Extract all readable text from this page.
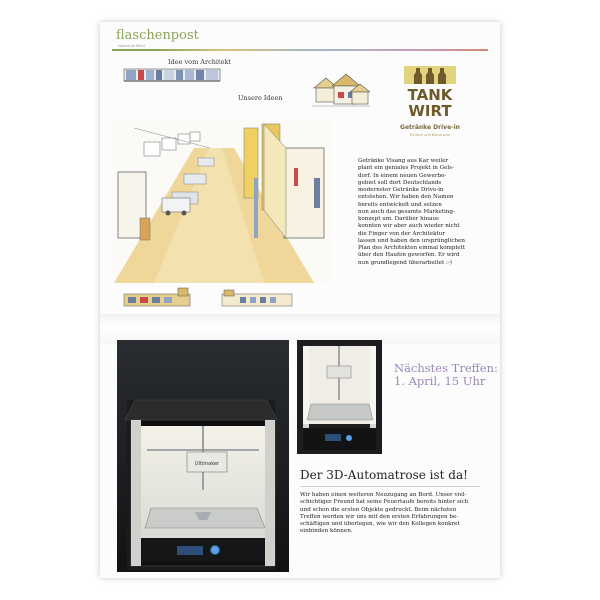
flaschenpost
Neues an Bord
Idee vom Architekt
Unsere Ideen	TANK
WIRT
Getränke Drive-in
Einfach und Klima sein

Getränke Visang aus Kar weiler
plant ein geniales Projekt in Gels-
dorf. In einem neuen Gewerbe-
gebiet soll dort Deutschlands
modernster Getränke Drive-in
entstehen. Wir haben den Namen
bereits entwickelt und setzen
nun auch das gesamte Marketing-
konzept um. Darüber hinaus
konnten wir aber auch wieder nicht
die Finger von der Architektur
lassen und haben den ursprünglichen
Plan des Architekten einmal komplett
über den Haufen geworfen. Er wird
nun grundlegend überarbeitet :-)

Ultimaker

Nächstes Treffen:
1. April, 15 Uhr

Der 3D-Automatrose ist da!

Wir haben einen weiteren Neuzugang an Bord. Unser viel-
schichtiger Freund hat seine Feuertaufe bereits hinter sich
und schon die ersten Objekte gedruckt. Beim nächsten
Treffen werden wir uns mit den ersten Erfahrungen be-
schäftigen und überlegen, wie wir den Kollegen konkret
einbinden können.
